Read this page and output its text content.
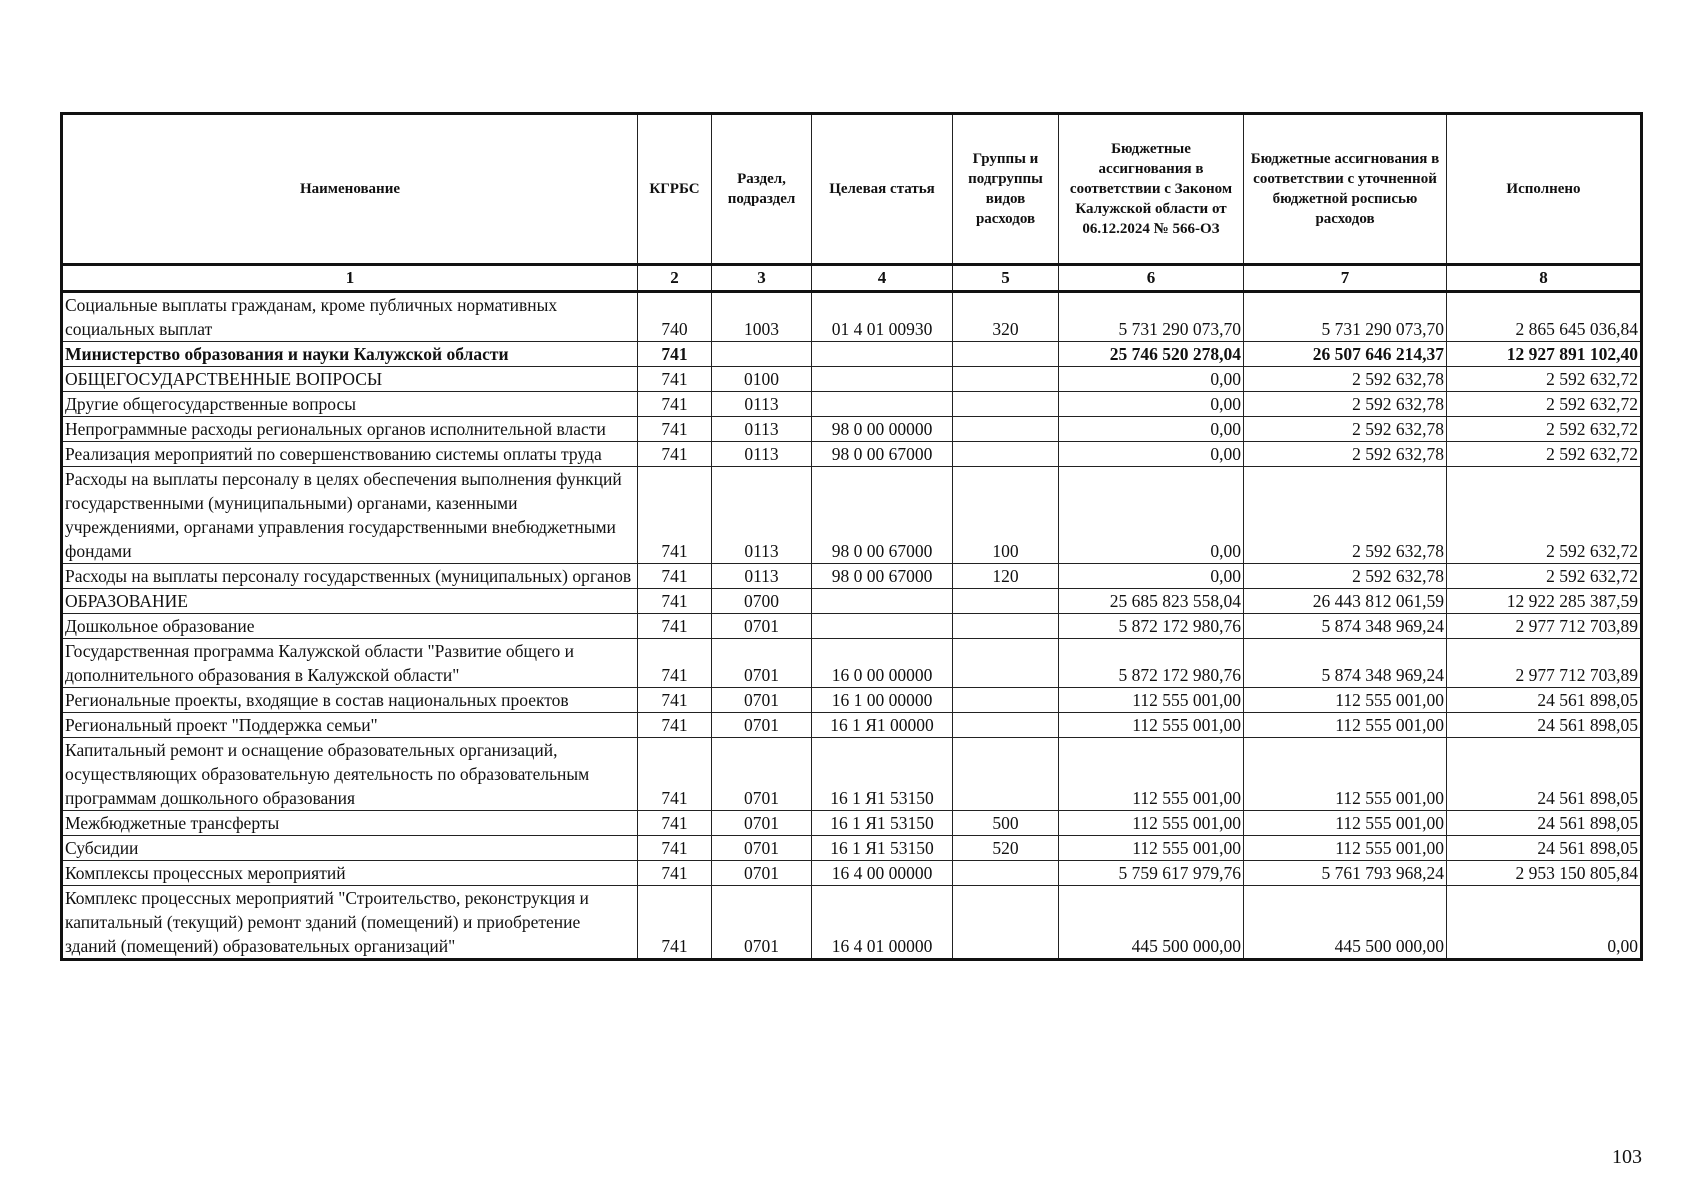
Наименование	КГРБС	Раздел, подраздел	Целевая статья	Группы и подгруппы видов расходов	Бюджетные ассигнования в соответствии с Законом Калужской области от 06.12.2024 № 566-ОЗ	Бюджетные ассигнования в соответствии с уточненной бюджетной росписью расходов	Исполнено
1	2	3	4	5	6	7	8
Социальные выплаты гражданам, кроме публичных нормативных социальных выплат	740	1003	01 4 01 00930	320	5 731 290 073,70	5 731 290 073,70	2 865 645 036,84
Министерство образования и науки Калужской области	741				25 746 520 278,04	26 507 646 214,37	12 927 891 102,40
ОБЩЕГОСУДАРСТВЕННЫЕ ВОПРОСЫ	741	0100			0,00	2 592 632,78	2 592 632,72
Другие общегосударственные вопросы	741	0113			0,00	2 592 632,78	2 592 632,72
Непрограммные расходы региональных органов исполнительной власти	741	0113	98 0 00 00000		0,00	2 592 632,78	2 592 632,72
Реализация мероприятий по совершенствованию системы оплаты труда	741	0113	98 0 00 67000		0,00	2 592 632,78	2 592 632,72
Расходы на выплаты персоналу в целях обеспечения выполнения функций государственными (муниципальными) органами, казенными учреждениями, органами управления государственными внебюджетными фондами	741	0113	98 0 00 67000	100	0,00	2 592 632,78	2 592 632,72
Расходы на выплаты персоналу государственных (муниципальных) органов	741	0113	98 0 00 67000	120	0,00	2 592 632,78	2 592 632,72
ОБРАЗОВАНИЕ	741	0700			25 685 823 558,04	26 443 812 061,59	12 922 285 387,59
Дошкольное образование	741	0701			5 872 172 980,76	5 874 348 969,24	2 977 712 703,89
Государственная программа Калужской области "Развитие общего и дополнительного образования в Калужской области"	741	0701	16 0 00 00000		5 872 172 980,76	5 874 348 969,24	2 977 712 703,89
Региональные проекты, входящие в состав национальных проектов	741	0701	16 1 00 00000		112 555 001,00	112 555 001,00	24 561 898,05
Региональный проект "Поддержка семьи"	741	0701	16 1 Я1 00000		112 555 001,00	112 555 001,00	24 561 898,05
Капитальный ремонт и оснащение образовательных организаций, осуществляющих образовательную деятельность по образовательным программам дошкольного образования	741	0701	16 1 Я1 53150		112 555 001,00	112 555 001,00	24 561 898,05
Межбюджетные трансферты	741	0701	16 1 Я1 53150	500	112 555 001,00	112 555 001,00	24 561 898,05
Субсидии	741	0701	16 1 Я1 53150	520	112 555 001,00	112 555 001,00	24 561 898,05
Комплексы процессных мероприятий	741	0701	16 4 00 00000		5 759 617 979,76	5 761 793 968,24	2 953 150 805,84
Комплекс процессных мероприятий "Строительство, реконструкция и капитальный (текущий) ремонт зданий (помещений) и приобретение зданий (помещений) образовательных организаций"	741	0701	16 4 01 00000		445 500 000,00	445 500 000,00	0,00
103
